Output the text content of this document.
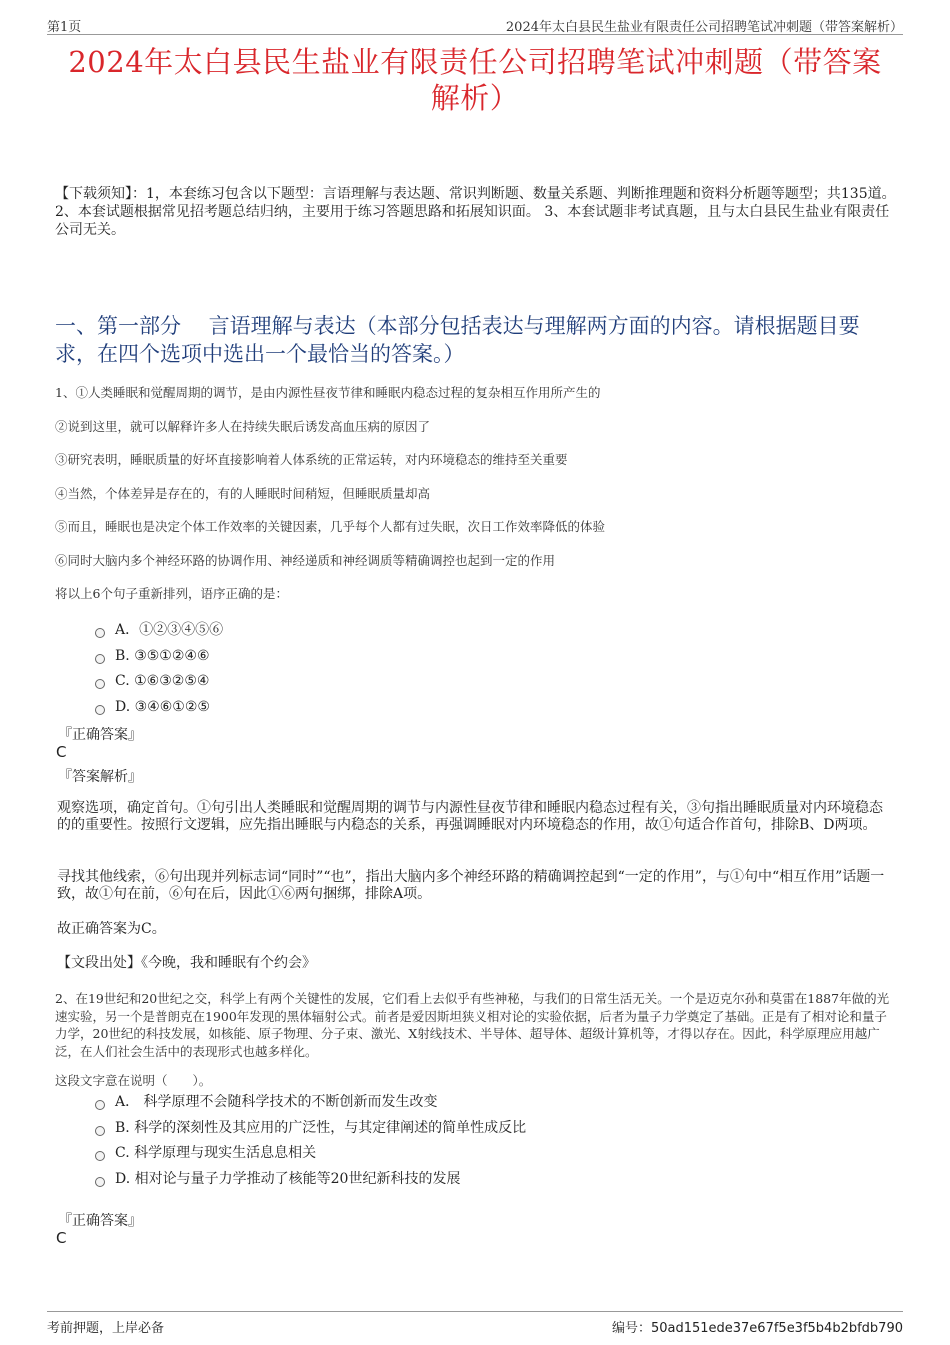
第1页	2024年太白县民生盐业有限责任公司招聘笔试冲刺题（带答案解析）
2024年太白县民生盐业有限责任公司招聘笔试冲刺题（带答案
解析）
【下载须知】：1，本套练习包含以下题型：言语理解与表达题、常识判断题、数量关系题、判断推理题和资料分析题等题型；共135道。 2、本套试题根据常见招考题总结归纳，主要用于练习答题思路和拓展知识面。 3、本套试题非考试真题，且与太白县民生盐业有限责任公司无关。
一、第一部分　 言语理解与表达（本部分包括表达与理解两方面的内容。请根据题目要求，在四个选项中选出一个最恰当的答案。）
1、①人类睡眠和觉醒周期的调节，是由内源性昼夜节律和睡眠内稳态过程的复杂相互作用所产生的
②说到这里，就可以解释许多人在持续失眠后诱发高血压病的原因了
③研究表明，睡眠质量的好坏直接影响着人体系统的正常运转，对内环境稳态的维持至关重要
④当然，个体差异是存在的，有的人睡眠时间稍短，但睡眠质量却高
⑤而且，睡眠也是决定个体工作效率的关键因素，几乎每个人都有过失眠，次日工作效率降低的体验
⑥同时大脑内多个神经环路的协调作用、神经递质和神经调质等精确调控也起到一定的作用
将以上6个句子重新排列，语序正确的是：
A．①②③④⑤⑥
B. ③⑤①②④⑥
C. ①⑥③②⑤④
D. ③④⑥①②⑤
『正确答案』
C
『答案解析』
观察选项，确定首句。①句引出人类睡眠和觉醒周期的调节与内源性昼夜节律和睡眠内稳态过程有关，③句指出睡眠质量对内环境稳态的的重要性。按照行文逻辑，应先指出睡眠与内稳态的关系，再强调睡眠对内环境稳态的作用，故①句适合作首句，排除B、D两项。
寻找其他线索，⑥句出现并列标志词“同时”“也”，指出大脑内多个神经环路的精确调控起到“一定的作用”，与①句中“相互作用”话题一致，故①句在前，⑥句在后，因此①⑥两句捆绑，排除A项。
故正确答案为C。
【文段出处】《今晚，我和睡眠有个约会》
2、在19世纪和20世纪之交，科学上有两个关键性的发展，它们看上去似乎有些神秘，与我们的日常生活无关。一个是迈克尔孙和莫雷在1887年做的光速实验，另一个是普朗克在1900年发现的黑体辐射公式。前者是爱因斯坦狭义相对论的实验依据，后者为量子力学奠定了基础。正是有了相对论和量子力学，20世纪的科技发展，如核能、原子物理、分子束、激光、X射线技术、半导体、超导体、超级计算机等，才得以存在。因此，科学原理应用越广泛，在人们社会生活中的表现形式也越多样化。
这段文字意在说明（　　）。
A． 科学原理不会随科学技术的不断创新而发生改变
B. 科学的深刻性及其应用的广泛性，与其定律阐述的简单性成反比
C. 科学原理与现实生活息息相关
D. 相对论与量子力学推动了核能等20世纪新科技的发展
『正确答案』
C
考前押题，上岸必备	编号：50ad151ede37e67f5e3f5b4b2bfdb790
